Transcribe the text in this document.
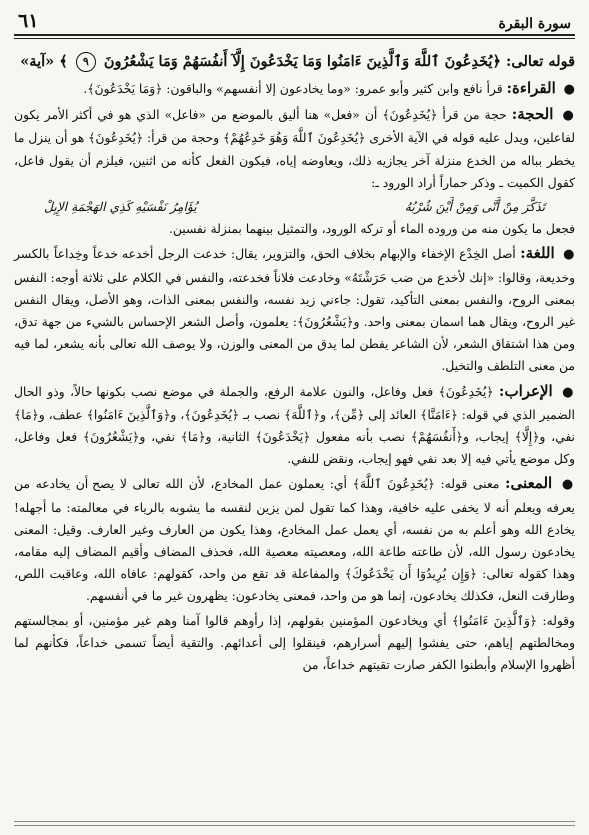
سورة البقرة
٦١

قوله تعالى: ﴿يُخَدِعُونَ ٱللَّهَ وَٱلَّذِينَ ءَامَنُوا وَمَا يَخْدَعُونَ إِلَّآ أَنفُسَهُمْ وَمَا يَشْعُرُونَ ٩ ﴾ «آية»

● القراءة: قرأ نافع وابن كثير وأبو عمرو: «وما يخادعون إلا أنفسهم» والباقون: ﴿وَمَا يَخْدَعُونَ﴾.

● الحجة: حجة من قرأ ﴿يُخَدِعُونَ﴾ أن «فعل» هنا أليق بالموضع من «فاعل» الذي هو في أكثر الأمر يكون لفاعلين، ويدل عليه قوله في الآية الأخرى ﴿يُخَدِعُونَ ٱللَّهَ وَهُوَ خَدِعُهُمْ﴾ وحجة من قرأ: ﴿يُخَدِعُونَ﴾ هو أن ينزل ما يخطر بباله من الخدع منزلة آخر يجازيه ذلك، ويعاوضه إياه، فيكون الفعل كأنه من اثنين، فيلزم أن يقول فاعل، كقول الكميت ـ وذكر حماراً أراد الورود ـ:

تَذَكَّرَ مِنْ أَنَّى وَمِنْ أَيْنَ شُرْبُهُ
يُؤَامِرُ نَفْسَيْهِ كَذِي الهَجْمَةِ الإِبِلْ

فجعل ما يكون منه من وروده الماء أو تركه الورود، والتمثيل بينهما بمنزلة نفسين.

● اللغة: أصل الخِدْع الإخفاء والإبهام بخلاف الحق، والتزوير، يقال: خدعت الرجل أخدعه خدعاً وخِداعاً بالكسر وخديعة، وقالوا: «إنك لأخدع من ضب حَرَشْتَهُ» وخادعت فلاناً فخدعته، والنفس في الكلام على ثلاثة أوجه: النفس بمعنى الروح، والنفس بمعنى التأكيد، تقول: جاءني زيد نفسه، والنفس بمعنى الذات، وهو الأصل، ويقال النفس غير الروح، ويقال هما اسمان بمعنى واحد. و﴿يَشْعُرُونَ﴾: يعلمون، وأصل الشعر الإحساس بالشيء من جهة تدق، ومن هذا اشتقاق الشعر، لأن الشاعر يفطن لما يدق من المعنى والوزن، ولا يوصف الله تعالى بأنه يشعر، لما فيه من معنى التلطف والتخيل.

● الإعراب: ﴿يُخَدِعُونَ﴾ فعل وفاعل، والنون علامة الرفع، والجملة في موضع نصب بكونها حالاً، وذو الحال الضمير الذي في قوله: ﴿ءَامَنَّا﴾ العائد إلى ﴿مِّن﴾، و﴿ٱللَّهَ﴾ نصب بـ ﴿يُخَدِعُونَ﴾، و﴿وَٱلَّذِينَ ءَامَنُوا﴾ عطف، و﴿مَا﴾ نفي، و﴿إِلَّا﴾ إيجاب، و﴿أَنفُسَهُمْ﴾ نصب بأنه مفعول ﴿يَخْدَعُونَ﴾ الثانية، و﴿مَا﴾ نفي، و﴿يَشْعُرُونَ﴾ فعل وفاعل، وكل موضع يأتي فيه إلا بعد نفي فهو إيجاب، ونقض للنفي.

● المعنى: معنى قوله: ﴿يُخَدِعُونَ ٱللَّهَ﴾ أي: يعملون عمل المخادع، لأن الله تعالى لا يصح أن يخادعه من يعرفه ويعلم أنه لا يخفى عليه خافية، وهذا كما تقول لمن يزين لنفسه ما يشوبه بالرياء في معالمته: ما أجهله! يخادع الله وهو أعلم به من نفسه، أي يعمل عمل المخادع، وهذا يكون من العارف وغير العارف. وقيل: المعنى يخادعون رسول الله، لأن طاعته طاعة الله، ومعصيته معصية الله، فحذف المضاف وأقيم المضاف إليه مقامه، وهذا كقوله تعالى: ﴿وَإِن يُرِيدُوٓا أَن يَخْدَعُوكَ﴾ والمفاعلة قد تقع من واحد، كقولهم: عافاه الله، وعاقبت اللص، وطارقت النعل، فكذلك يخادعون، إنما هو من واحد، فمعنى يخادعون: يظهرون غير ما في أنفسهم.

وقوله: ﴿وَٱلَّذِينَ ءَامَنُوا﴾ أي ويخادعون المؤمنين بقولهم، إذا رأوهم قالوا آمنا وهم غير مؤمنين، أو بمجالستهم ومخالطتهم إياهم، حتى يفشوا إليهم أسرارهم، فينقلوا إلى أعدائهم. والتقية أيضاً تسمى خداعاً، فكأنهم لما أظهروا الإسلام وأبطنوا الكفر صارت تقيتهم خداعاً، من
